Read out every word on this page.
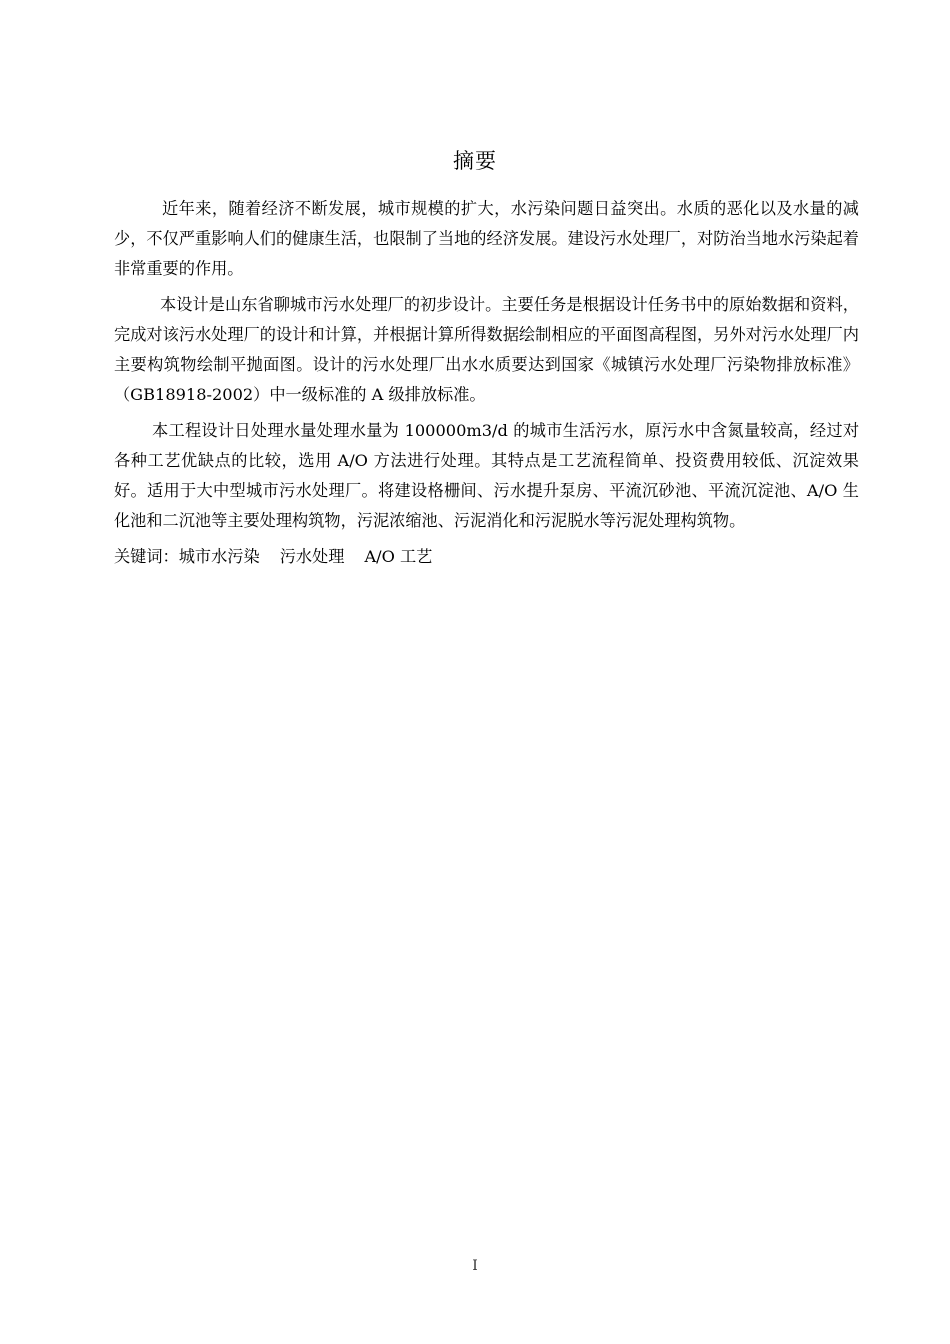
摘要

近年来，随着经济不断发展，城市规模的扩大，水污染问题日益突出。水质的恶化以及水量的减少，不仅严重影响人们的健康生活，也限制了当地的经济发展。建设污水处理厂，对防治当地水污染起着非常重要的作用。

本设计是山东省聊城市污水处理厂的初步设计。主要任务是根据设计任务书中的原始数据和资料，完成对该污水处理厂的设计和计算，并根据计算所得数据绘制相应的平面图高程图，另外对污水处理厂内主要构筑物绘制平抛面图。设计的污水处理厂出水水质要达到国家《城镇污水处理厂污染物排放标准》（GB18918-2002）中一级标准的 A 级排放标准。

本工程设计日处理水量处理水量为 100000m3/d 的城市生活污水，原污水中含氮量较高，经过对各种工艺优缺点的比较，选用 A/O 方法进行处理。其特点是工艺流程简单、投资费用较低、沉淀效果好。适用于大中型城市污水处理厂。将建设格栅间、污水提升泵房、平流沉砂池、平流沉淀池、A/O 生化池和二沉池等主要处理构筑物，污泥浓缩池、污泥消化和污泥脱水等污泥处理构筑物。

关键词：城市水污染 污水处理 A/O 工艺

I
